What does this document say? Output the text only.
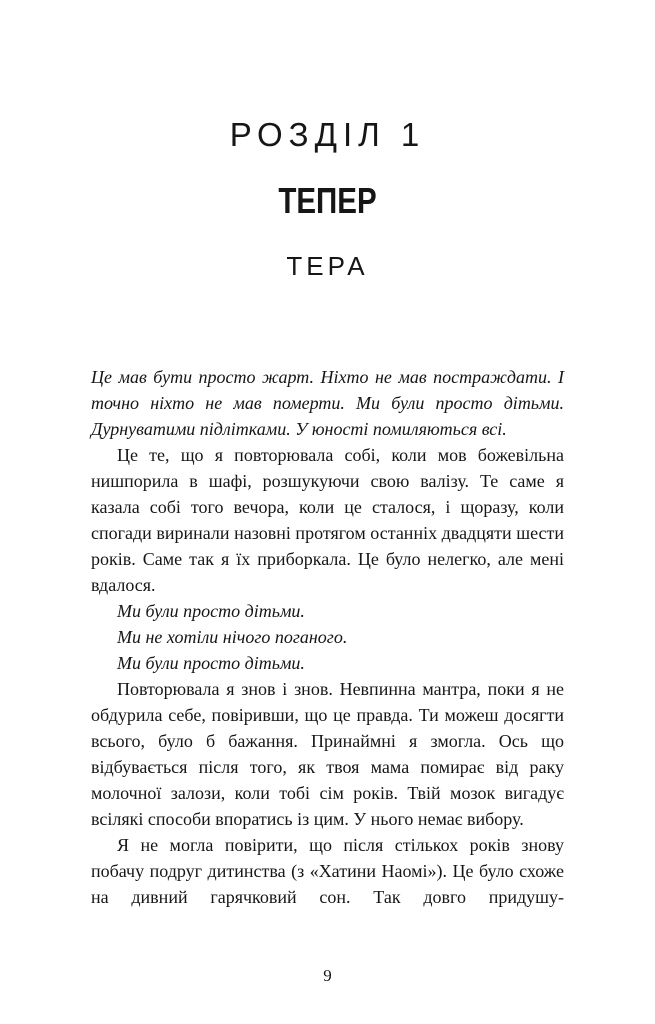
РОЗДІЛ 1
ТЕПЕР
ТЕРА

Це мав бути просто жарт. Ніхто не мав постраждати. І точно ніхто не мав померти. Ми були просто дітьми. Дурнуватими підлітками. У юності помиляються всі.

Це те, що я повторювала собі, коли мов божевільна нишпорила в шафі, розшукуючи свою валізу. Те саме я казала собі того вечора, коли це сталося, і щоразу, коли спогади виринали назовні протягом останніх двадцяти шести років. Саме так я їх приборкала. Це було нелегко, але мені вдалося.

Ми були просто дітьми.

Ми не хотіли нічого поганого.

Ми були просто дітьми.

Повторювала я знов і знов. Невпинна мантра, поки я не обдурила себе, повіривши, що це правда. Ти можеш досягти всього, було б бажання. Принаймні я змогла. Ось що відбувається після того, як твоя мама помирає від раку молочної залози, коли тобі сім років. Твій мозок вигадує всілякі способи впоратись із цим. У нього немає вибору.

Я не могла повірити, що після стількох років знову побачу подруг дитинства (з «Хатини Наомі»). Це було схоже на дивний гарячковий сон. Так довго придушу-

9
